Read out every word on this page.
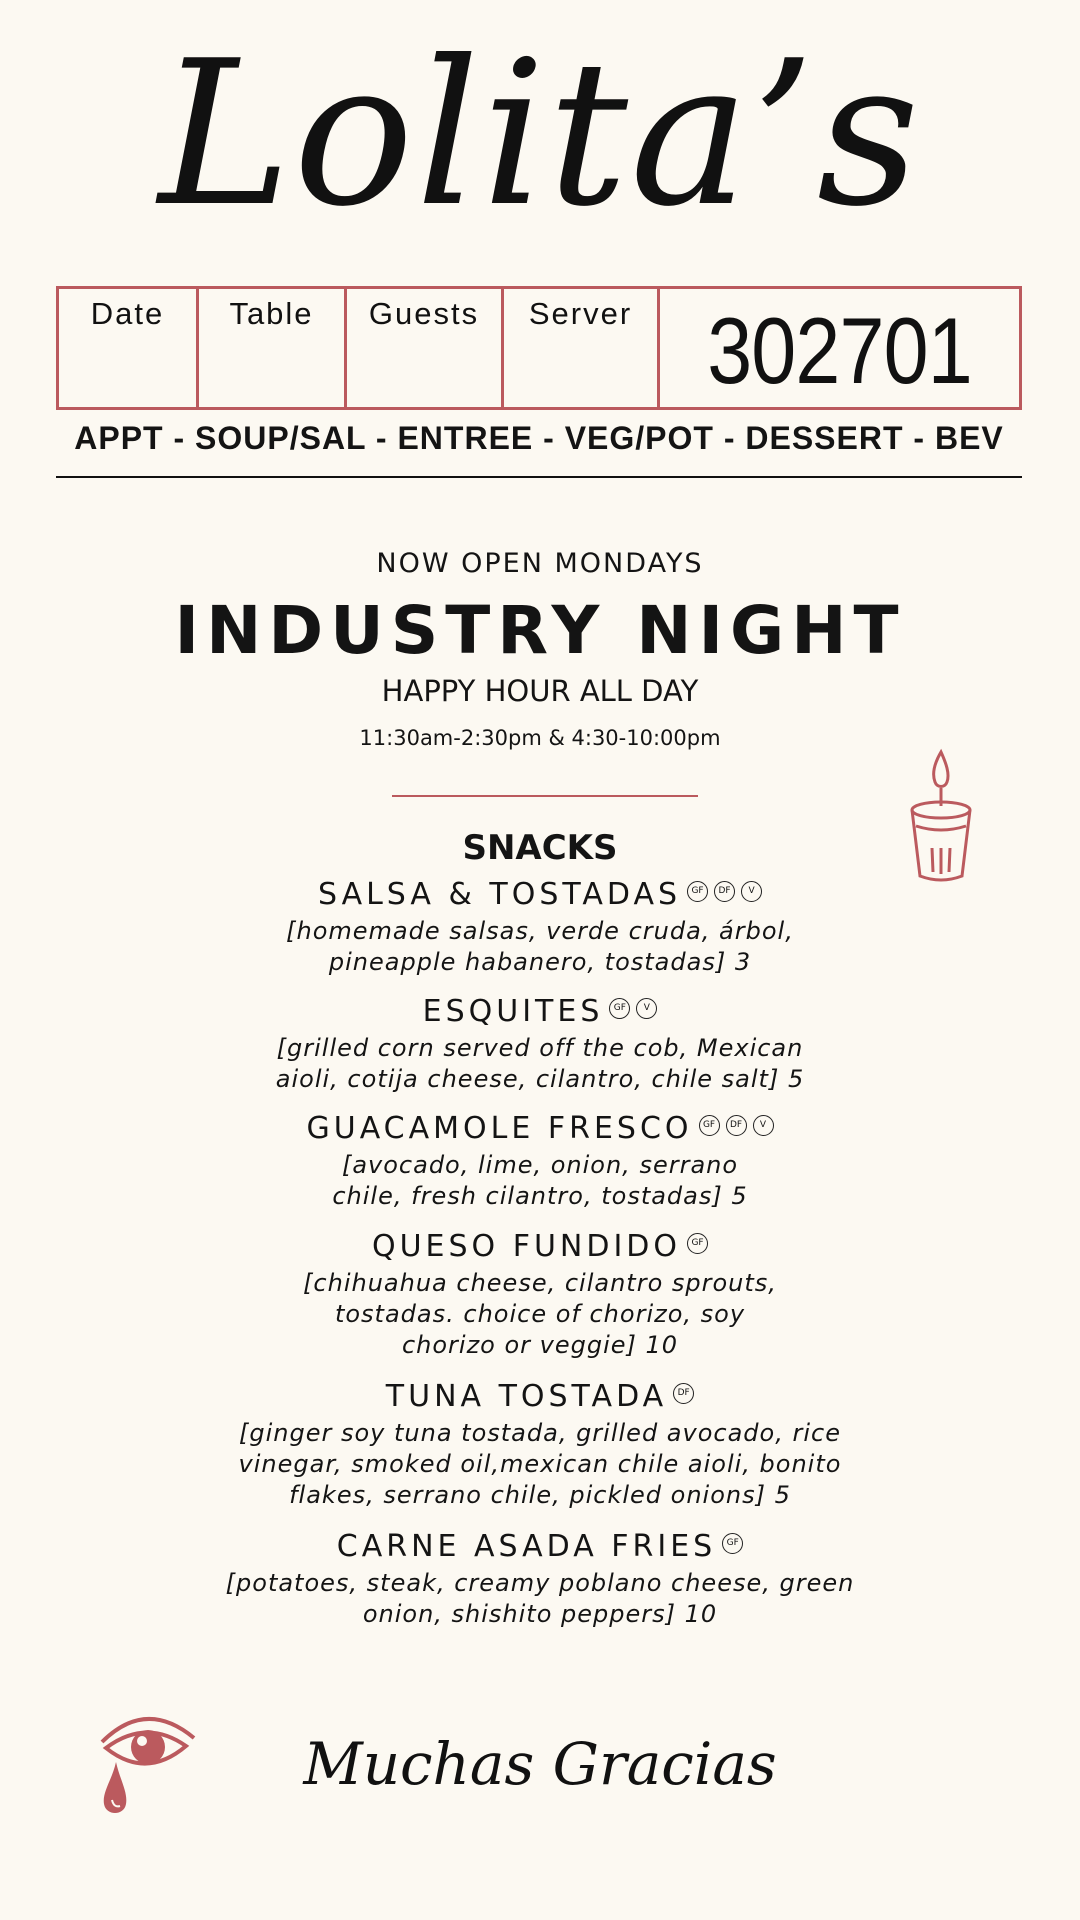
Lolita’s
Date	Table	Guests	Server 302701
APPT - SOUP/SAL - ENTREE - VEG/POT - DESSERT - BEV
NOW OPEN MONDAYS
INDUSTRY NIGHT
HAPPY HOUR ALL DAY
11:30am-2:30pm & 4:30-10:00pm
SNACKS
SALSA & TOSTADAS GF DF V
[homemade salsas, verde cruda, árbol,
pineapple habanero, tostadas] 3
ESQUITES GF V
[grilled corn served off the cob, Mexican
aioli, cotija cheese, cilantro, chile salt] 5
GUACAMOLE FRESCO GF DF V
[avocado, lime, onion, serrano
chile, fresh cilantro, tostadas] 5
QUESO FUNDIDO GF
[chihuahua cheese, cilantro sprouts,
tostadas. choice of chorizo, soy
chorizo or veggie] 10
TUNA TOSTADA DF
[ginger soy tuna tostada, grilled avocado, rice
vinegar, smoked oil,mexican chile aioli, bonito
flakes, serrano chile, pickled onions] 5
CARNE ASADA FRIES GF
[potatoes, steak, creamy poblano cheese, green
onion, shishito peppers] 10
Muchas Gracias
